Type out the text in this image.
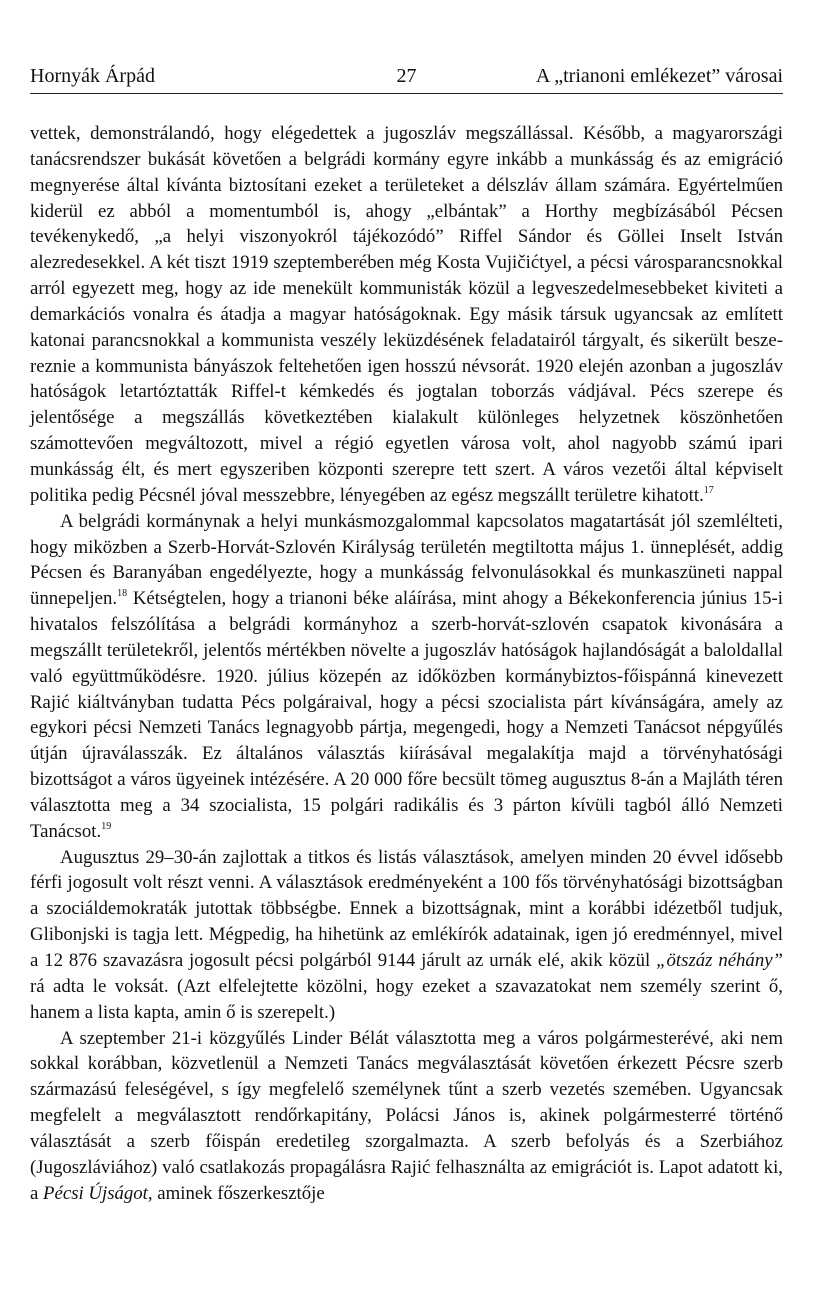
Hornyák Árpád	27	A „trianoni emlékezet” városai

vettek, demonstrálandó, hogy elégedettek a jugoszláv megszállással. Később, a magyarországi tanácsrendszer bukását követően a belgrádi kormány egyre inkább a munkásság és az emigráció megnyerése által kívánta biztosítani ezeket a területeket a délszláv állam számára. Egyértelműen kiderül ez abból a momentumból is, ahogy „elbántak” a Horthy megbízásából Pécsen tevékenykedő, „a helyi viszonyokról tájékozódó” Riffel Sándor és Göllei Inselt István alezredesekkel. A két tiszt 1919 szeptemberében még Kosta Vujičićtyel, a pécsi városparancsnokkal arról egyezett meg, hogy az ide menekült kommunisták közül a legveszedelmesebbeket kiviteti a demarkációs vonalra és átadja a magyar hatóságoknak. Egy másik társuk ugyancsak az említett katonai parancsnokkal a kommunista veszély leküzdésének feladatairól tárgyalt, és sikerült beszereznie a kommunista bányászok feltehetően igen hosszú névsorát. 1920 elején azonban a jugoszláv hatóságok letartóztatták Riffel-t kémkedés és jogtalan toborzás vádjával. Pécs szerepe és jelentősége a megszállás következtében kialakult különleges helyzetnek köszönhetően számottevően megváltozott, mivel a régió egyetlen városa volt, ahol nagyobb számú ipari munkásság élt, és mert egyszeriben központi szerepre tett szert. A város vezetői által képviselt politika pedig Pécsnél jóval messzebbre, lényegében az egész megszállt területre kihatott.$^{17}$

A belgrádi kormánynak a helyi munkásmozgalommal kapcsolatos magatartását jól szemlélteti, hogy miközben a Szerb-Horvát-Szlovén Királyság területén megtiltotta május 1. ünneplését, addig Pécsen és Baranyában engedélyezte, hogy a munkásság felvonulásokkal és munkaszüneti nappal ünnepeljen.$^{18}$ Kétségtelen, hogy a trianoni béke aláírása, mint ahogy a Békekonferencia június 15-i hivatalos felszólítása a belgrádi kormányhoz a szerb-horvát-szlovén csapatok kivonására a megszállt területekről, jelentős mértékben növelte a jugoszláv hatóságok hajlandóságát a baloldallal való együttműködésre. 1920. július közepén az időközben kormánybiztos-főispánná kinevezett Rajić kiáltványban tudatta Pécs polgáraival, hogy a pécsi szocialista párt kívánságára, amely az egykori pécsi Nemzeti Tanács legnagyobb pártja, megengedi, hogy a Nemzeti Tanácsot népgyűlés útján újraválasszák. Ez általános választás kiírásával megalakítja majd a törvényhatósági bizottságot a város ügyeinek intézésére. A 20 000 főre becsült tömeg augusztus 8-án a Majláth téren választotta meg a 34 szocialista, 15 polgári radikális és 3 párton kívüli tagból álló Nemzeti Tanácsot.$^{19}$

Augusztus 29–30-án zajlottak a titkos és listás választások, amelyen minden 20 évvel idősebb férfi jogosult volt részt venni. A választások eredményeként a 100 fős törvényhatósági bizottságban a szociáldemokraták jutottak többségbe. Ennek a bizottságnak, mint a korábbi idézetből tudjuk, Glibonjski is tagja lett. Mégpedig, ha hihetünk az emlékírók adatainak, igen jó eredménnyel, mivel a 12 876 szavazásra jogosult pécsi polgárból 9144 járult az urnák elé, akik közül „ötszáz néhány” rá adta le voksát. (Azt elfelejtette közölni, hogy ezeket a szavazatokat nem személy szerint ő, hanem a lista kapta, amin ő is szerepelt.)

A szeptember 21-i közgyűlés Linder Bélát választotta meg a város polgármesterévé, aki nem sokkal korábban, közvetlenül a Nemzeti Tanács megválasztását követően érkezett Pécsre szerb származású feleségével, s így megfelelő személynek tűnt a szerb vezetés szemében. Ugyancsak megfelelt a megválasztott rendőrkapitány, Polácsi János is, akinek polgármesterré történő választását a szerb főispán eredetileg szorgalmazta. A szerb befolyás és a Szerbiához (Jugoszláviához) való csatlakozás propagálásra Rajić felhasználta az emigrációt is. Lapot adatott ki, a Pécsi Újságot, aminek főszerkesztője
